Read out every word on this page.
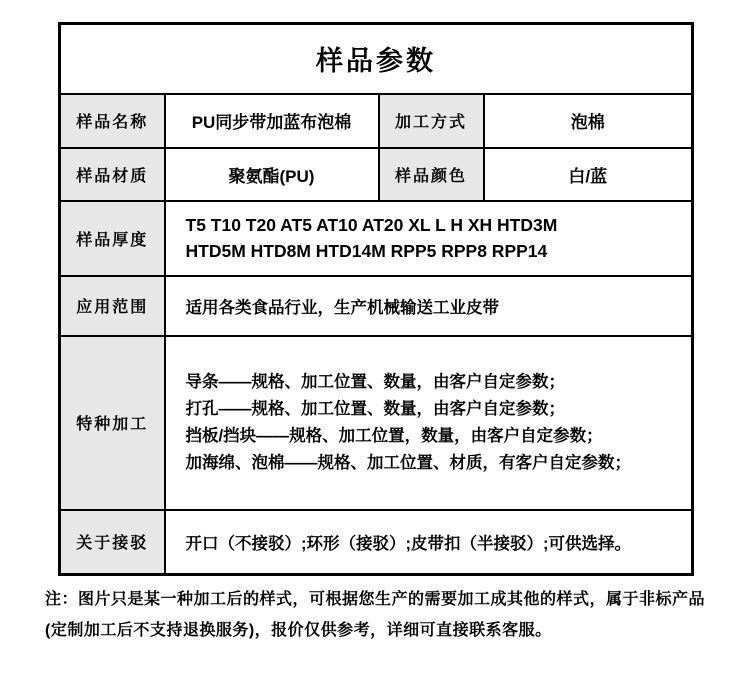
样品参数			
样品名称	PU同步带加蓝布泡棉	加工方式	泡棉
样品材质	聚氨酯(PU)	样品颜色	白/蓝
样品厚度	T5 T10 T20 AT5 AT10 AT20 XL L H XH HTD3M
HTD5M HTD8M HTD14M RPP5 RPP8 RPP14		

应用范围	适用各类食品行业，生产机械输送工业皮带		
特种加工	导条——规格、加工位置、数量，由客户自定参数；
打孔——规格、加工位置、数量，由客户自定参数；
挡板/挡块——规格、加工位置，数量，由客户自定参数；
加海绵、泡棉——规格、加工位置、材质，有客户自定参数；		

关于接驳	开口（不接驳）;环形（接驳）;皮带扣（半接驳）;可供选择。		
注：图片只是某一种加工后的样式，可根据您生产的需要加工成其他的样式，属于非标产品(定制加工后不支持退换服务)，报价仅供参考，详细可直接联系客服。
